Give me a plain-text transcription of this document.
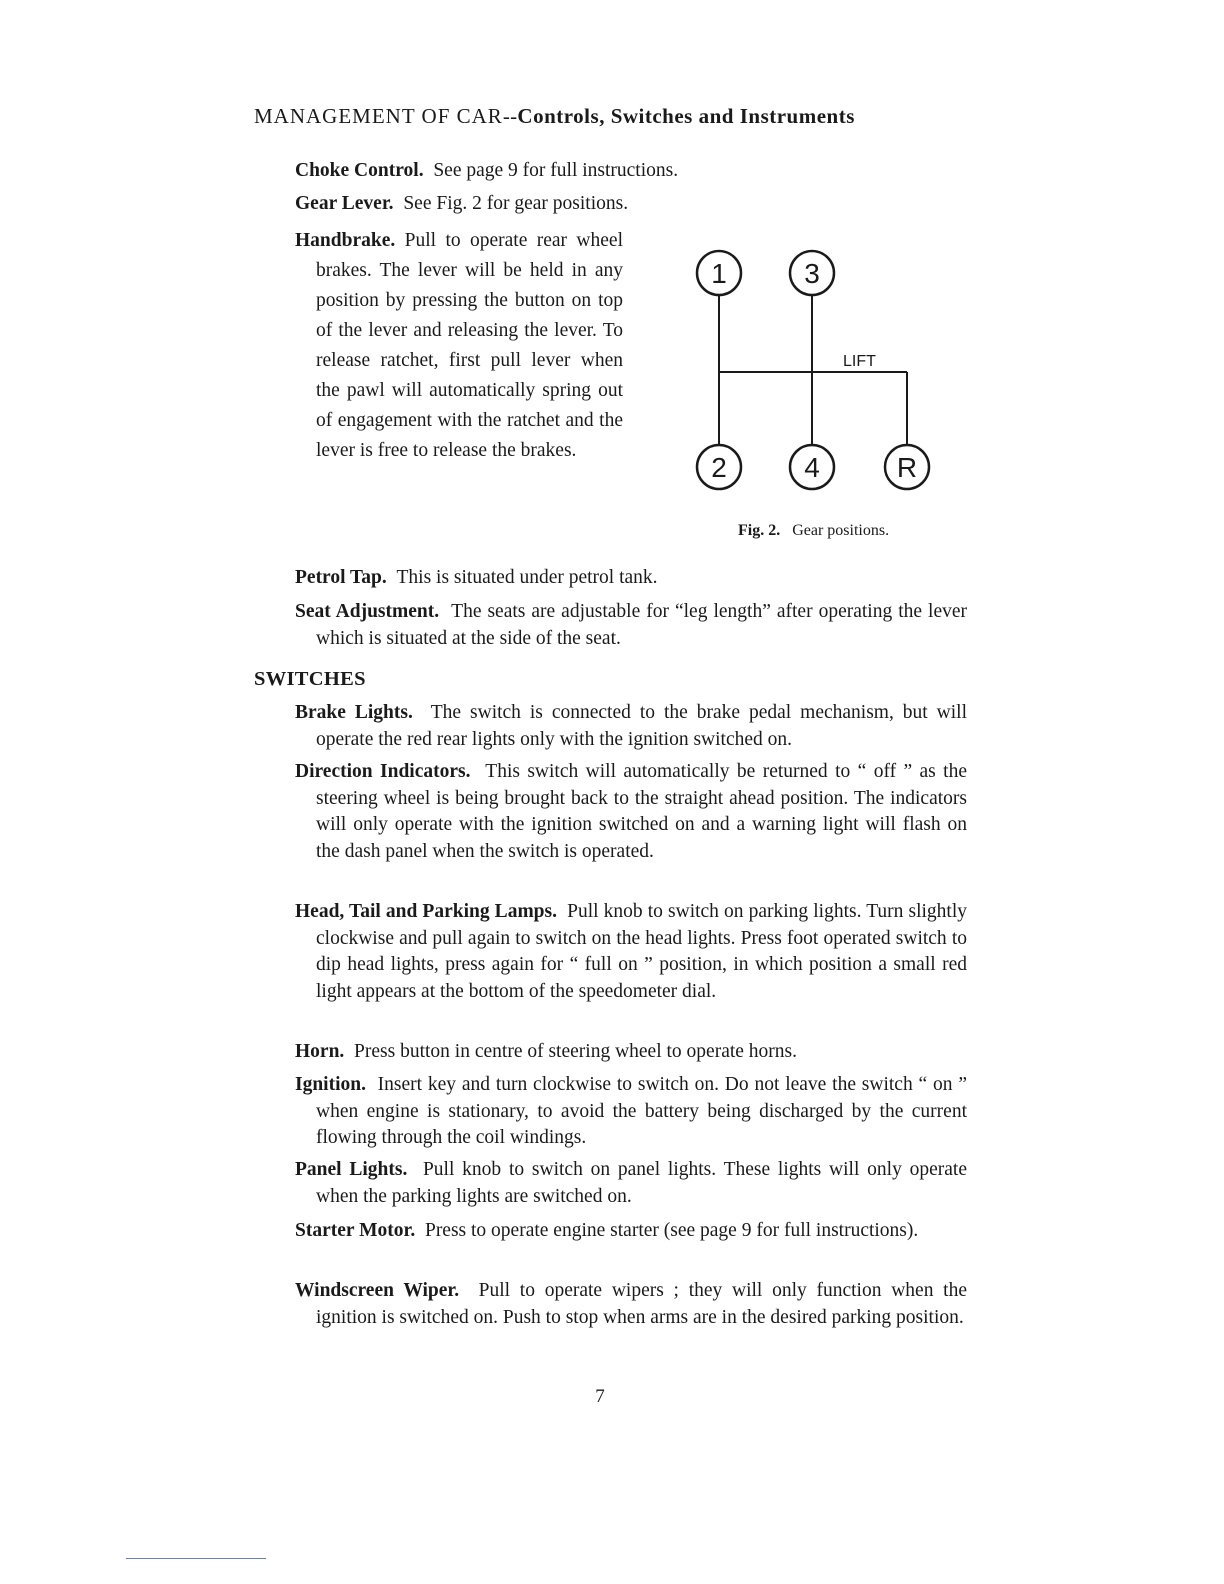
MANAGEMENT OF CAR--Controls, Switches and Instruments
Choke Control. See page 9 for full instructions.
Gear Lever. See Fig. 2 for gear positions.
Handbrake. Pull to operate rear wheel brakes. The lever will be held in any position by pressing the button on top of the lever and releasing the lever. To release ratchet, first pull lever when the pawl will automatically spring out of engagement with the ratchet and the lever is free to release the brakes.
1	3
2	4	R
LIFT
Fig. 2. Gear positions.
Petrol Tap. This is situated under petrol tank.
Seat Adjustment. The seats are adjustable for “leg length” after operating the lever which is situated at the side of the seat.
SWITCHES
Brake Lights. The switch is connected to the brake pedal mechanism, but will operate the red rear lights only with the ignition switched on.
Direction Indicators. This switch will automatically be returned to “ off ” as the steering wheel is being brought back to the straight ahead position. The indicators will only operate with the ignition switched on and a warning light will flash on the dash panel when the switch is operated.
Head, Tail and Parking Lamps. Pull knob to switch on parking lights. Turn slightly clockwise and pull again to switch on the head lights. Press foot operated switch to dip head lights, press again for “ full on ” position, in which position a small red light appears at the bottom of the speedometer dial.
Horn. Press button in centre of steering wheel to operate horns.
Ignition. Insert key and turn clockwise to switch on. Do not leave the switch “ on ” when engine is stationary, to avoid the battery being discharged by the current flowing through the coil windings.
Panel Lights. Pull knob to switch on panel lights. These lights will only operate when the parking lights are switched on.
Starter Motor. Press to operate engine starter (see page 9 for full instructions).
Windscreen Wiper. Pull to operate wipers ; they will only function when the ignition is switched on. Push to stop when arms are in the desired parking position.
7
